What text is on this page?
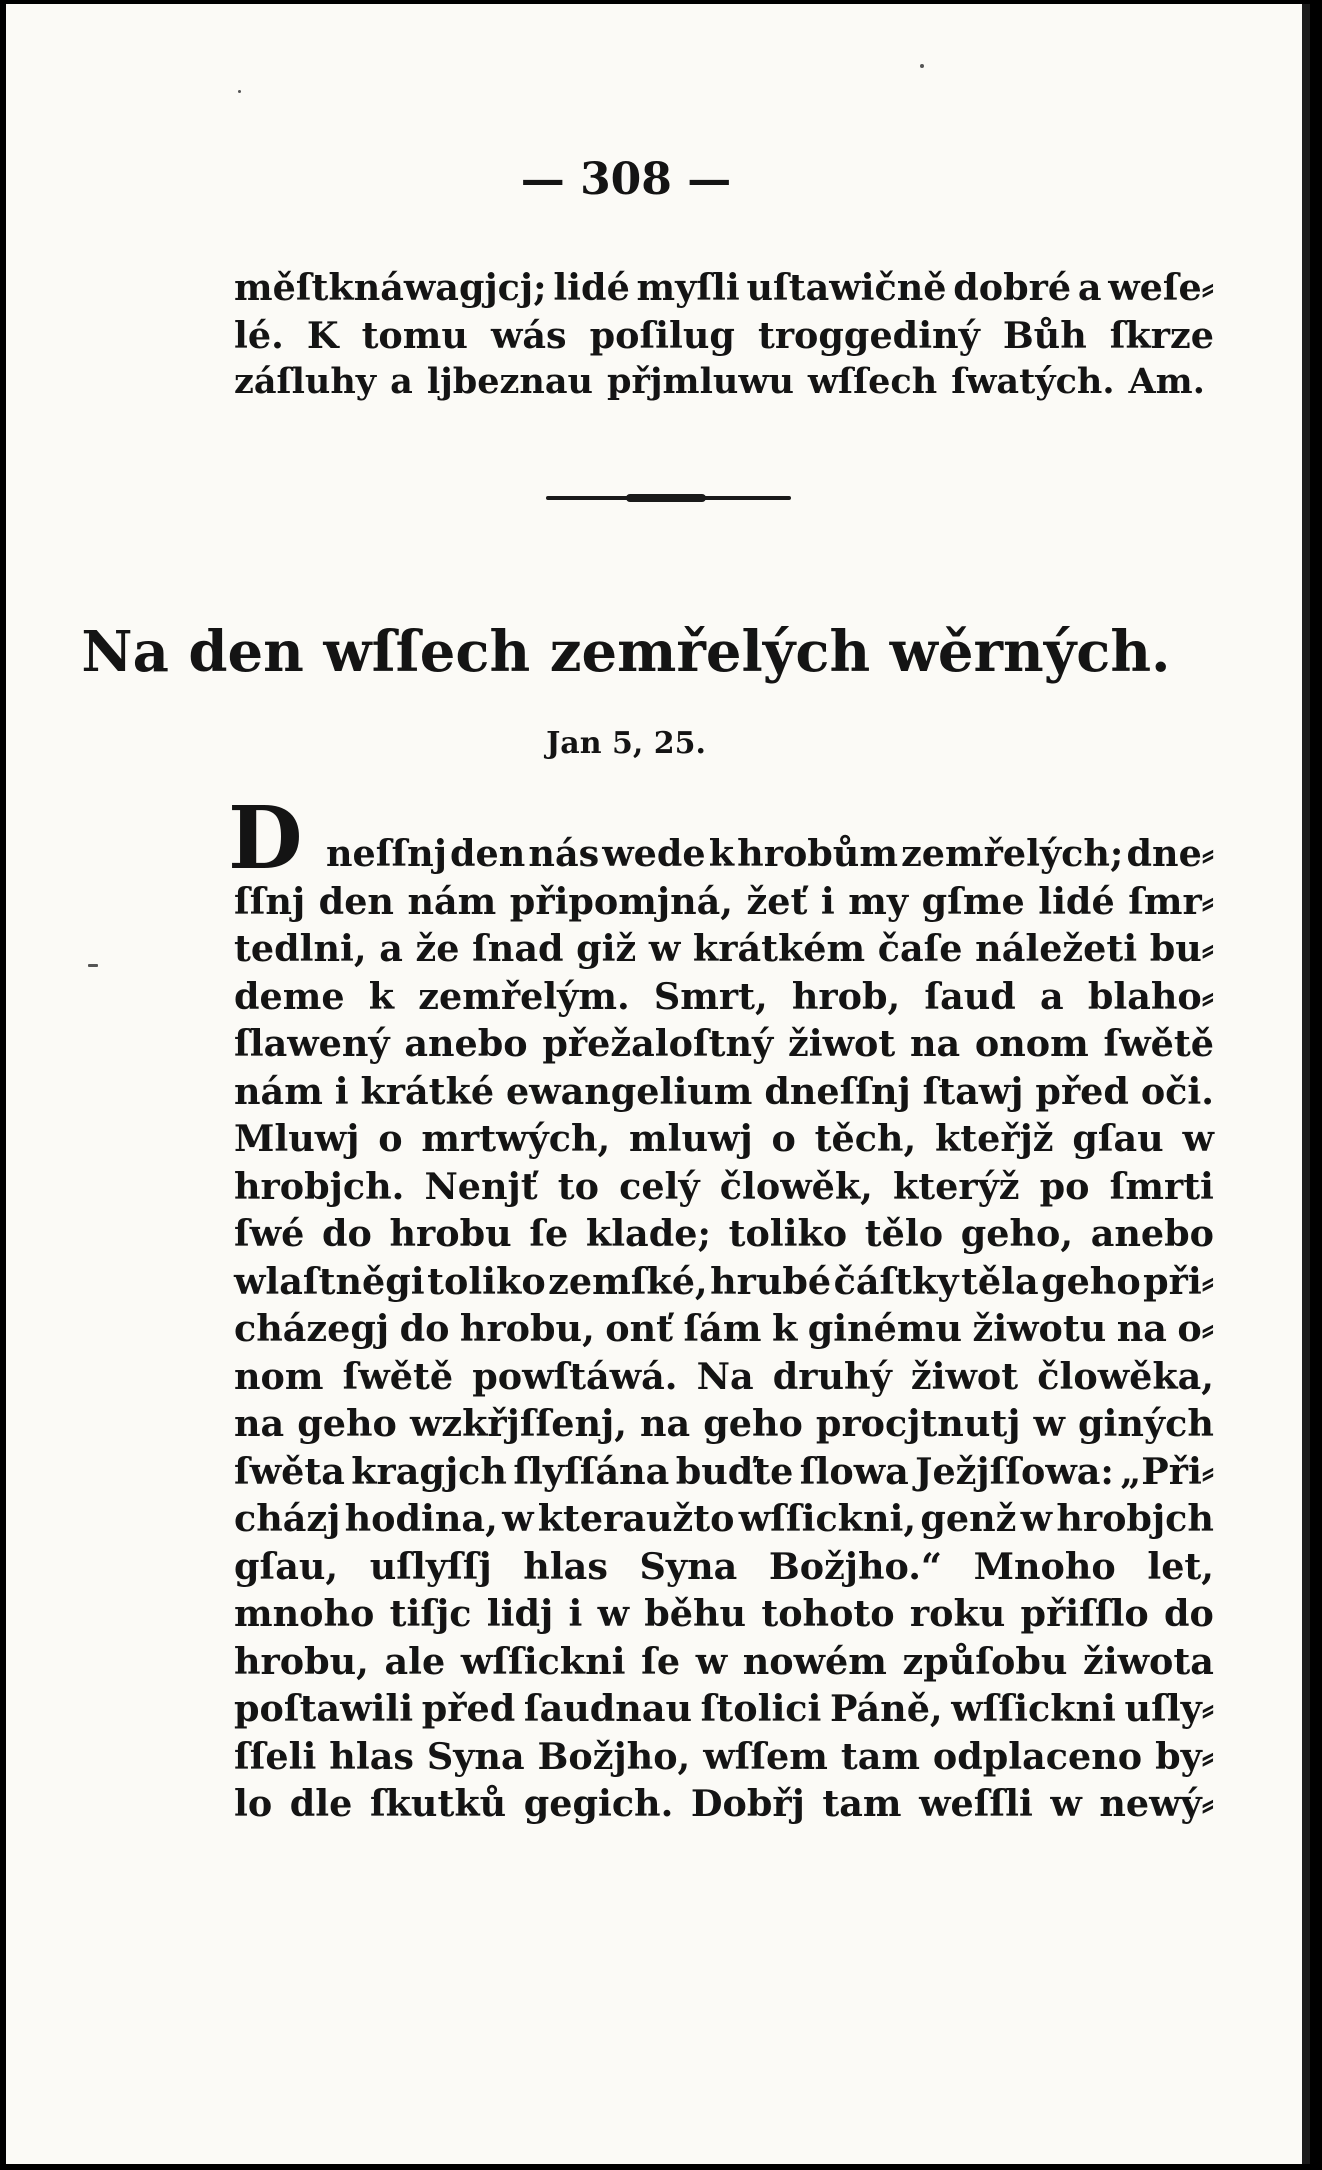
— 308 —
měſtknáwagjcj; lidé myſli uſtawičně dobré a weſe⸗
lé. K tomu wás poſilug troggediný Bůh ſkrze
záſluhy a ljbeznau přjmluwu wſſech ſwatých. Am.
Na den wſſech zemřelých wěrných.
Jan 5, 25.
D neſſnj den nás wede k hrobům zemřelých; dne⸗
ſſnj den nám připomjná, žeť i my gſme lidé ſmr⸗
tedlni, a že ſnad giž w krátkém čaſe náležeti bu⸗
deme k zemřelým. Smrt, hrob, ſaud a blaho⸗
ſlawený anebo přežaloſtný žiwot na onom ſwětě
nám i krátké ewangelium dneſſnj ſtawj před oči.
Mluwj o mrtwých, mluwj o těch, kteřjž gſau w
hrobjch. Nenjť to celý člowěk, kterýž po ſmrti
ſwé do hrobu ſe klade; toliko tělo geho, anebo
wlaſtněgi toliko zemſké, hrubé čáſtky těla geho při⸗
cházegj do hrobu, onť ſám k ginému žiwotu na o⸗
nom ſwětě powſtáwá. Na druhý žiwot člowěka,
na geho wzkřjſſenj, na geho procjtnutj w giných
ſwěta kragjch ſlyſſána buďte ſlowa Ježjſſowa: „Při⸗
cházj hodina, w kteraužto wſſickni, genž w hrobjch
gſau, uſlyſſj hlas Syna Božjho.“ Mnoho let,
mnoho tiſjc lidj i w běhu tohoto roku přiſſlo do
hrobu, ale wſſickni ſe w nowém způſobu žiwota
poſtawili před ſaudnau ſtolici Páně, wſſickni uſly⸗
ſſeli hlas Syna Božjho, wſſem tam odplaceno by⸗
lo dle ſkutků gegich. Dobřj tam weſſli w newý⸗
